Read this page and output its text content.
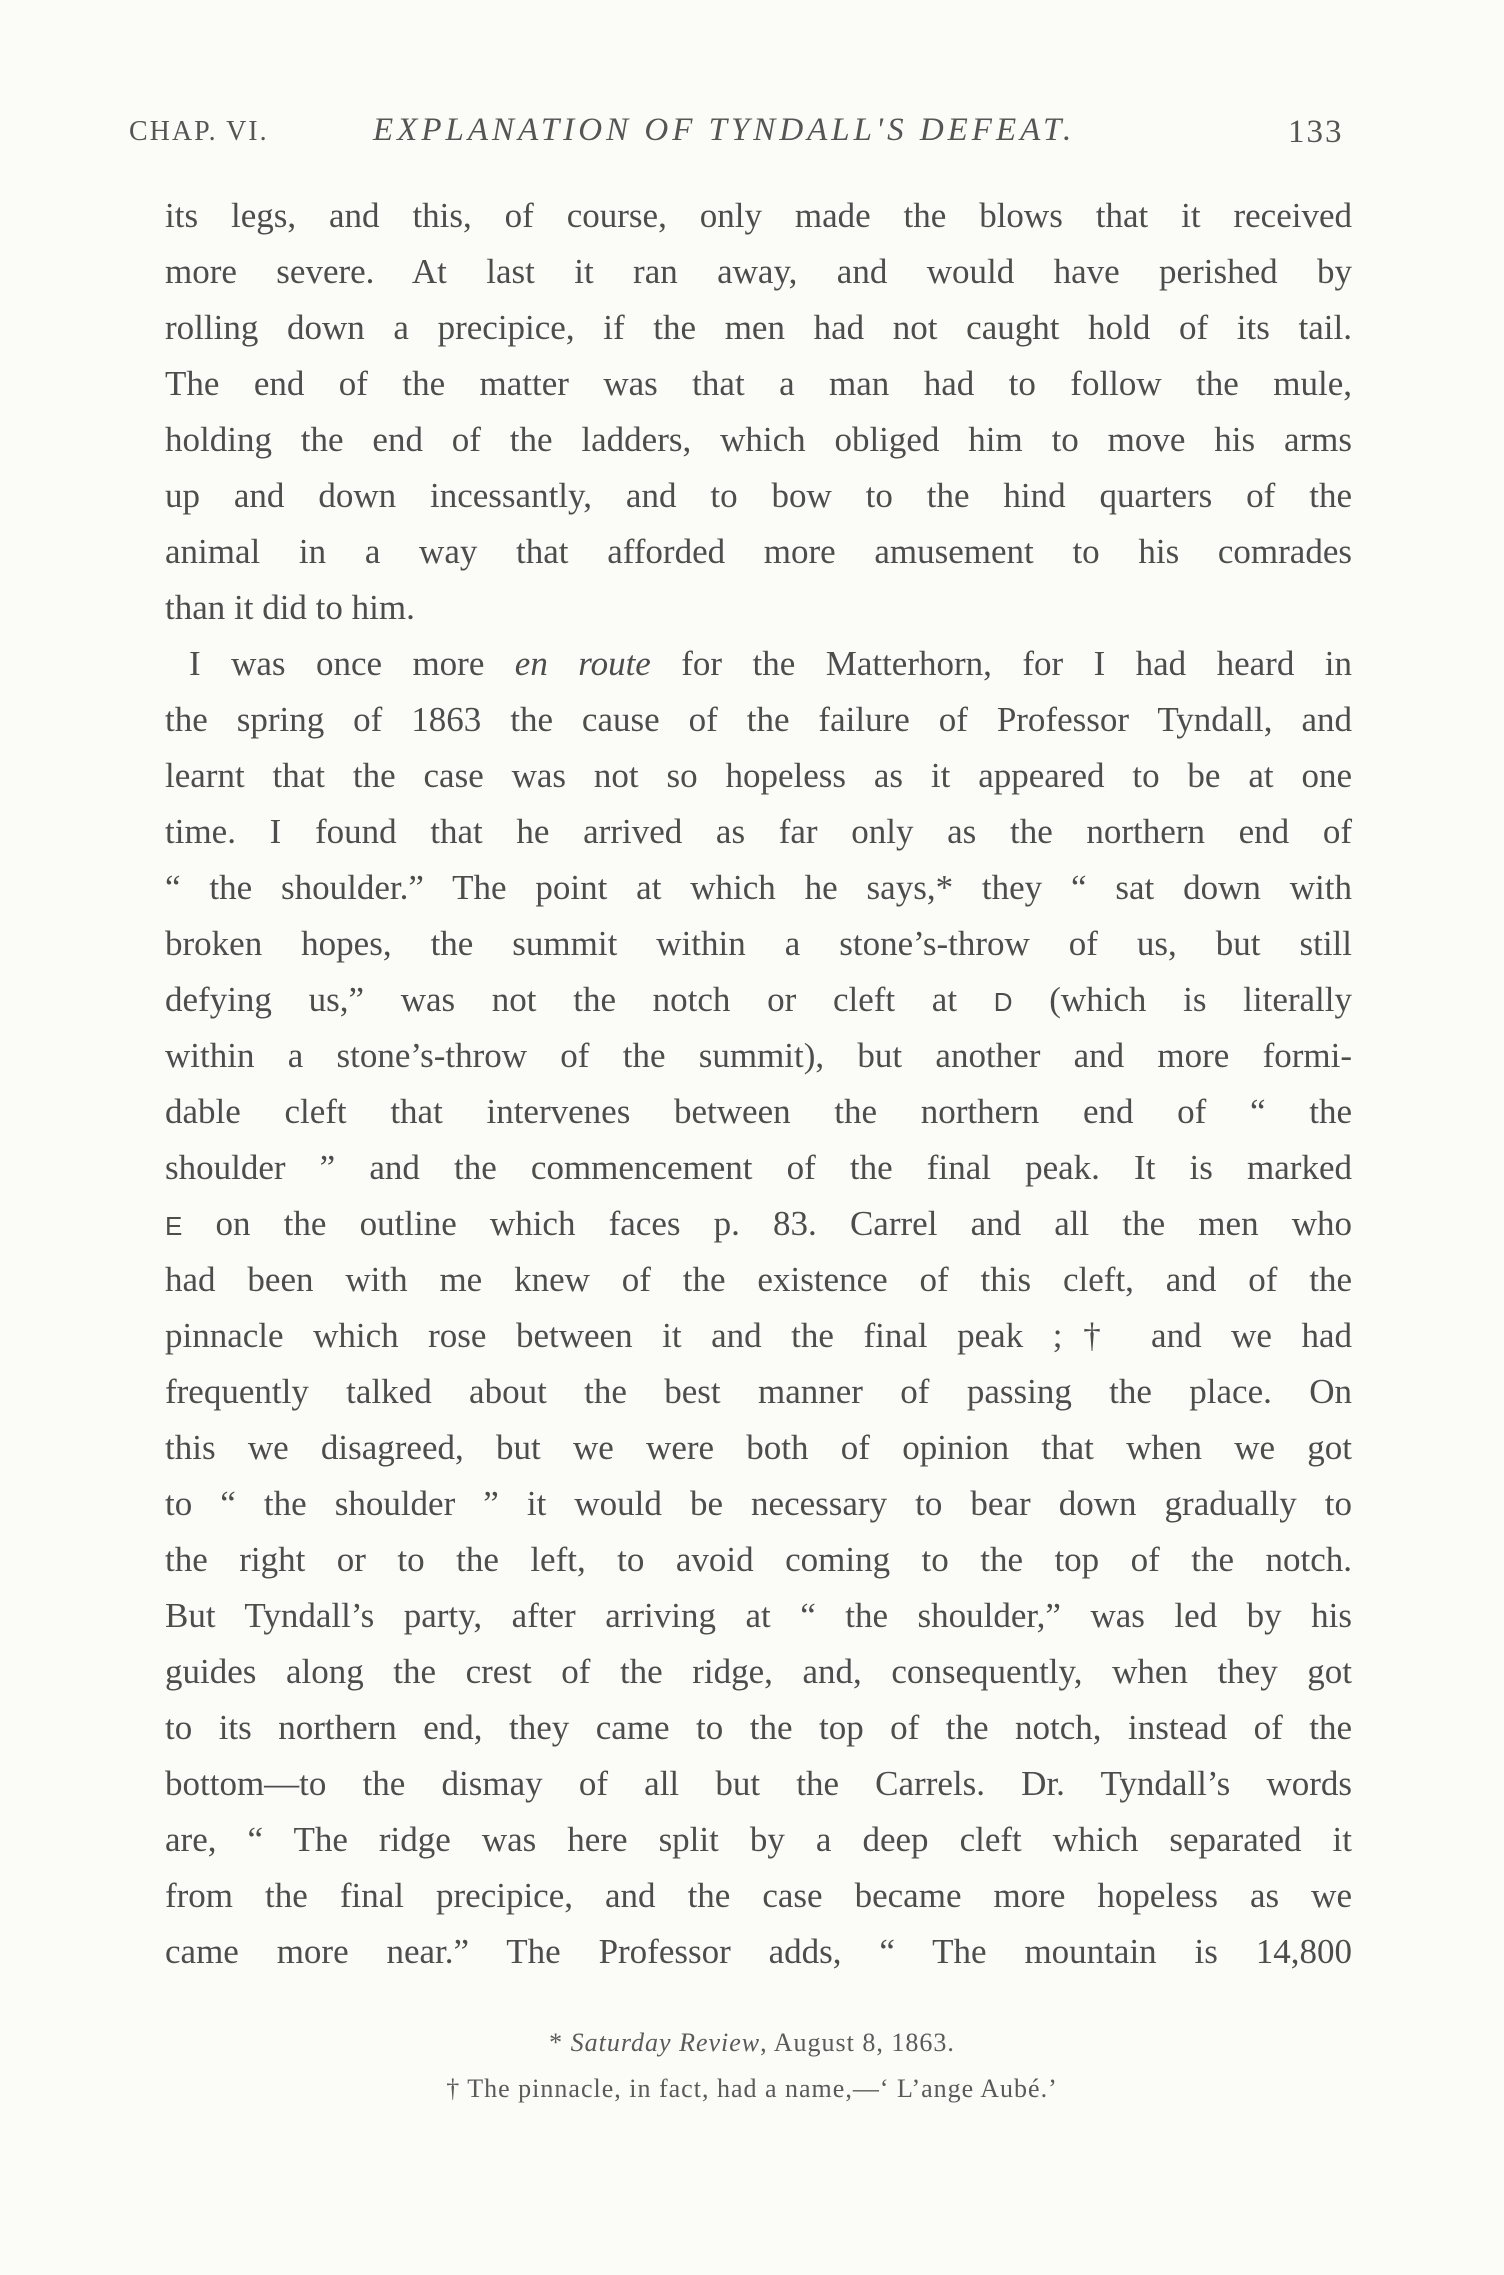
CHAP. VI.	EXPLANATION OF TYNDALL'S DEFEAT.	133
its legs, and this, of course, only made the blows that it received
more severe. At last it ran away, and would have perished by
rolling down a precipice, if the men had not caught hold of its tail.
The end of the matter was that a man had to follow the mule,
holding the end of the ladders, which obliged him to move his arms
up and down incessantly, and to bow to the hind quarters of the
animal in a way that afforded more amusement to his comrades
than it did to him.
I was once more en route for the Matterhorn, for I had heard in
the spring of 1863 the cause of the failure of Professor Tyndall, and
learnt that the case was not so hopeless as it appeared to be at one
time. I found that he arrived as far only as the northern end of
“ the shoulder.” The point at which he says,* they “ sat down with
broken hopes, the summit within a stone’s-throw of us, but still
defying us,” was not the notch or cleft at D (which is literally
within a stone’s-throw of the summit), but another and more formi-
dable cleft that intervenes between the northern end of “ the
shoulder ” and the commencement of the final peak. It is marked
E on the outline which faces p. 83. Carrel and all the men who
had been with me knew of the existence of this cleft, and of the
pinnacle which rose between it and the final peak ;† and we had
frequently talked about the best manner of passing the place. On
this we disagreed, but we were both of opinion that when we got
to “ the shoulder ” it would be necessary to bear down gradually to
the right or to the left, to avoid coming to the top of the notch.
But Tyndall’s party, after arriving at “ the shoulder,” was led by his
guides along the crest of the ridge, and, consequently, when they got
to its northern end, they came to the top of the notch, instead of the
bottom—to the dismay of all but the Carrels. Dr. Tyndall’s words
are, “ The ridge was here split by a deep cleft which separated it
from the final precipice, and the case became more hopeless as we
came more near.” The Professor adds, “ The mountain is 14,800
* Saturday Review, August 8, 1863.
† The pinnacle, in fact, had a name,—‘ L’ange Aubé.’
